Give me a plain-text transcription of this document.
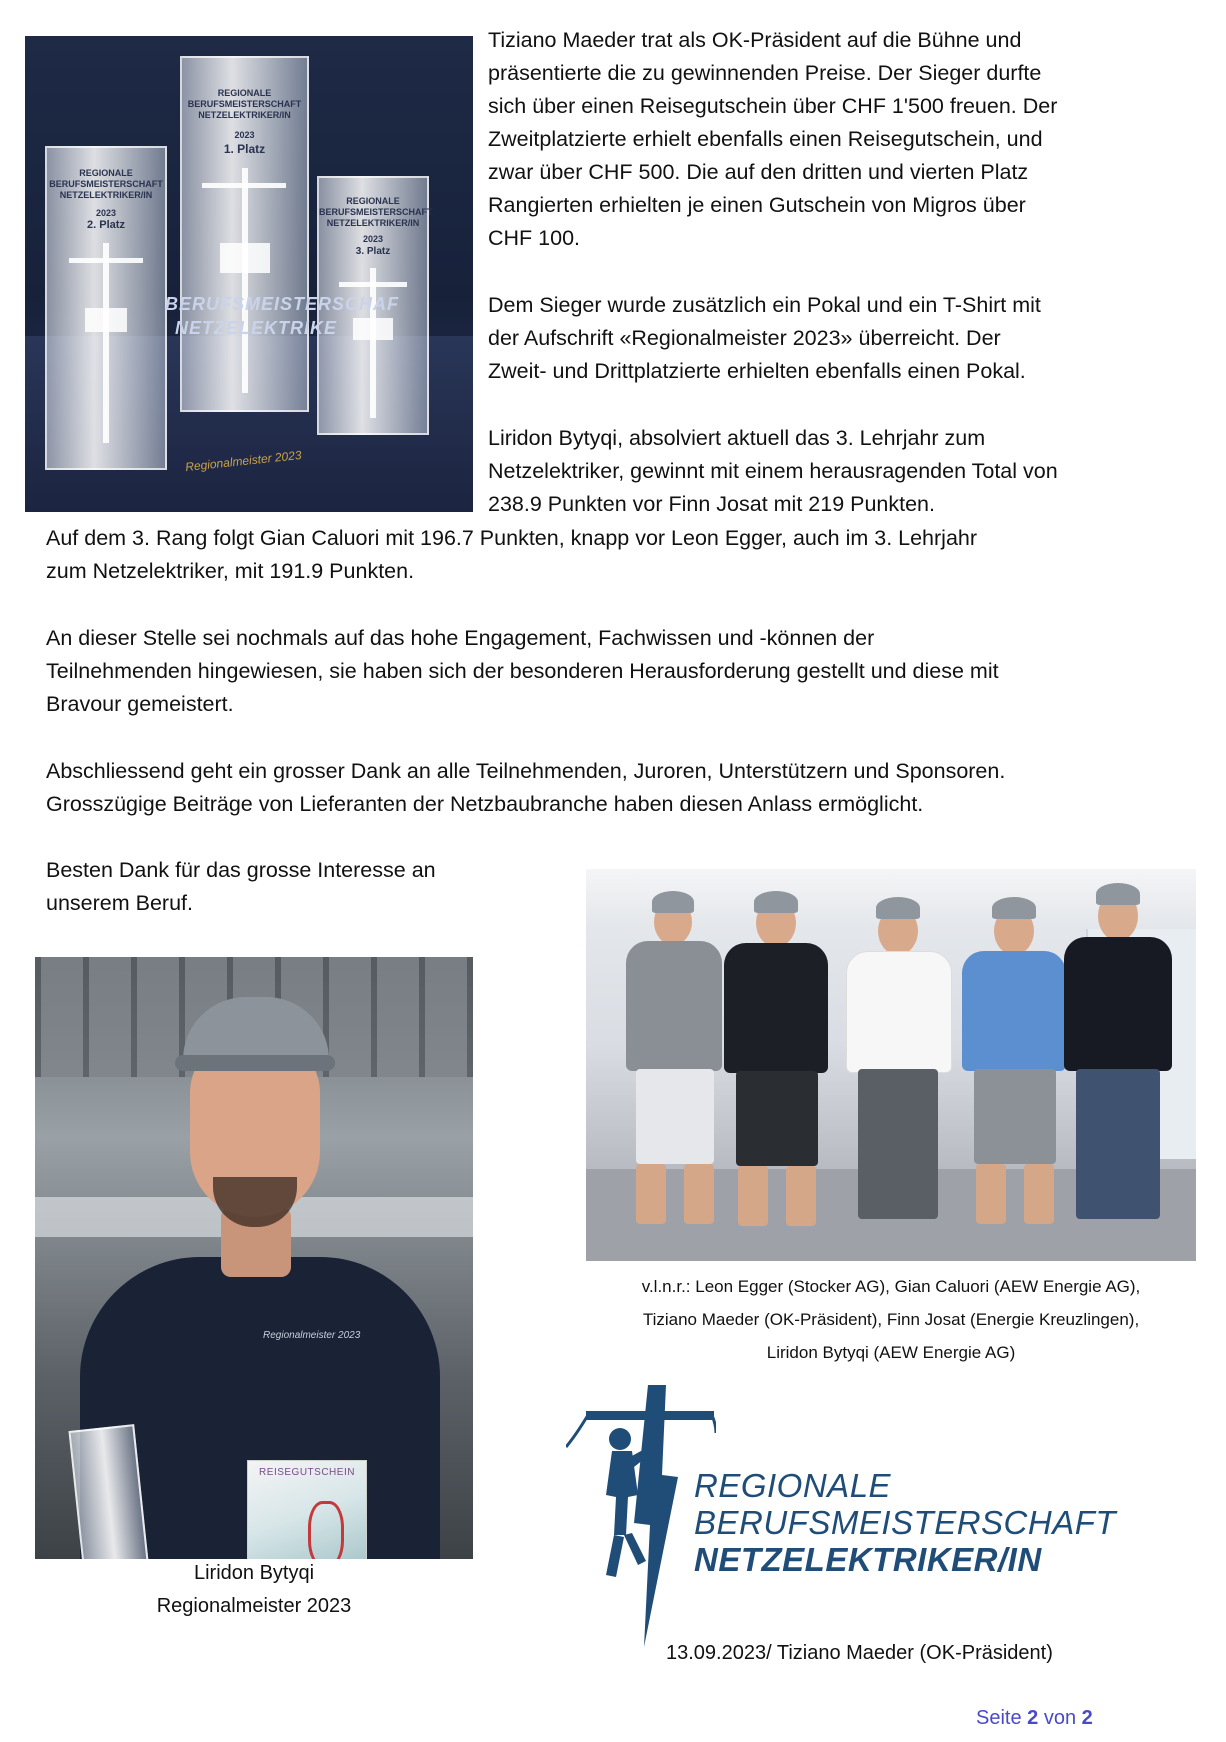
REGIONALE
BERUFSMEISTERSCHAFT
NETZELEKTRIKER/IN
2023
2. Platz
REGIONALE
BERUFSMEISTERSCHAFT
NETZELEKTRIKER/IN
2023
1. Platz
REGIONALE
BERUFSMEISTERSCHAFT
NETZELEKTRIKER/IN
2023
3. Platz
BERUFSMEISTERSCHAF
NETZELEKTRIKE
Regionalmeister 2023
Tiziano Maeder trat als OK-Präsident auf die Bühne und
präsentierte die zu gewinnenden Preise. Der Sieger durfte
sich über einen Reisegutschein über CHF 1'500 freuen. Der
Zweitplatzierte erhielt ebenfalls einen Reisegutschein, und
zwar über CHF 500. Die auf den dritten und vierten Platz
Rangierten erhielten je einen Gutschein von Migros über
CHF 100.
Dem Sieger wurde zusätzlich ein Pokal und ein T-Shirt mit
der Aufschrift «Regionalmeister 2023» überreicht. Der
Zweit- und Drittplatzierte erhielten ebenfalls einen Pokal.
Liridon Bytyqi, absolviert aktuell das 3. Lehrjahr zum
Netzelektriker, gewinnt mit einem herausragenden Total von
238.9 Punkten vor Finn Josat mit 219 Punkten.
Auf dem 3. Rang folgt Gian Caluori mit 196.7 Punkten, knapp vor Leon Egger, auch im 3. Lehrjahr
zum Netzelektriker, mit 191.9 Punkten.
An dieser Stelle sei nochmals auf das hohe Engagement, Fachwissen und -können der
Teilnehmenden hingewiesen, sie haben sich der besonderen Herausforderung gestellt und diese mit
Bravour gemeistert.
Abschliessend geht ein grosser Dank an alle Teilnehmenden, Juroren, Unterstützern und Sponsoren.
Grosszügige Beiträge von Lieferanten der Netzbaubranche haben diesen Anlass ermöglicht.
Besten Dank für das grosse Interesse an
unserem Beruf.
Regionalmeister 2023
REISEGUTSCHEIN
Liridon Bytyqi
Regionalmeister 2023
v.l.n.r.: Leon Egger (Stocker AG), Gian Caluori (AEW Energie AG),
Tiziano Maeder (OK-Präsident), Finn Josat (Energie Kreuzlingen),
Liridon Bytyqi (AEW Energie AG)
REGIONALE
BERUFSMEISTERSCHAFT
NETZELEKTRIKER/IN
13.09.2023/ Tiziano Maeder (OK-Präsident)
Seite 2 von 2
